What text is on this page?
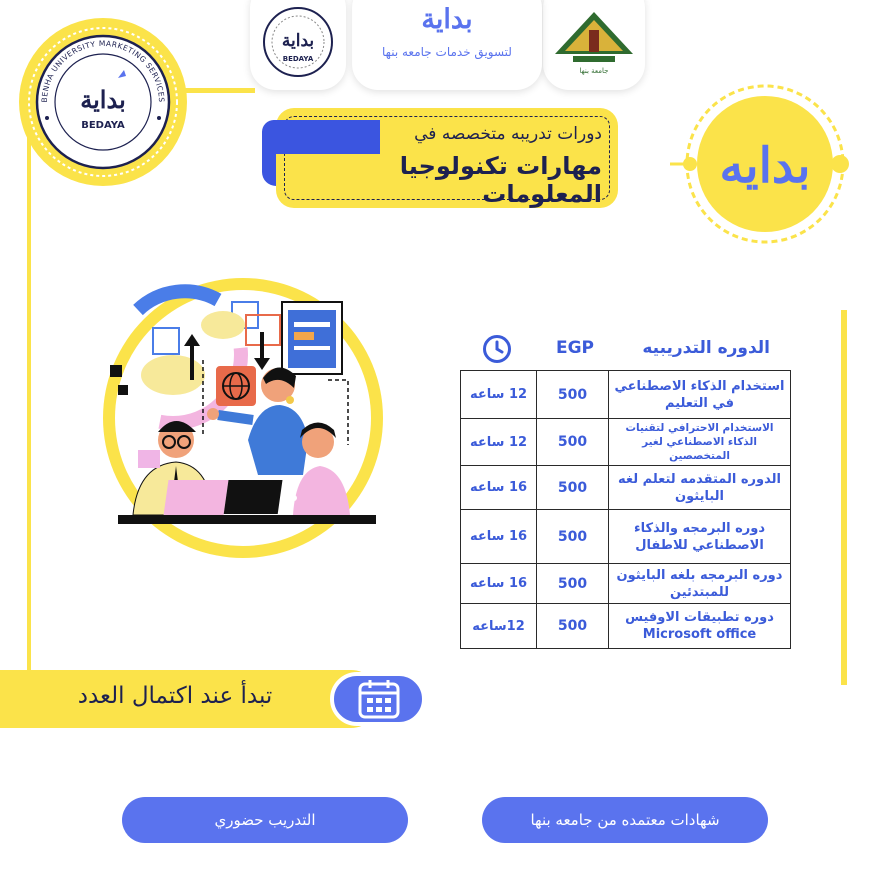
جامعة بنها
بداية
لتسويق خدمات جامعه بنها
بداية
BEDAYA
BENHA UNIVERSITY MARKETING SERVICES
بداية
BEDAYA
بدايه
دورات تدريبه متخصصه في
مهارات تكنولوجيا المعلومات
EGP	الدوره التدريبيه
12 ساعه	500	استخدام الذكاء الاصطناعي في التعليم
12 ساعه	500	الاستخدام الاحترافي لتقنيات الذكاء الاصطناعي لغير المتخصصين
16 ساعه	500	الدوره المتقدمه لتعلم لغه البايثون
16 ساعه	500	دوره البرمجه والذكاء الاصطناعي للاطفال
16 ساعه	500	دوره البرمجه بلغه البايثون للمبتدئين
12ساعه	500	دوره تطبيقات الاوفيس Microsoft office
تبدأ عند اكتمال العدد
التدريب حضوري	شهادات معتمده من جامعه بنها
